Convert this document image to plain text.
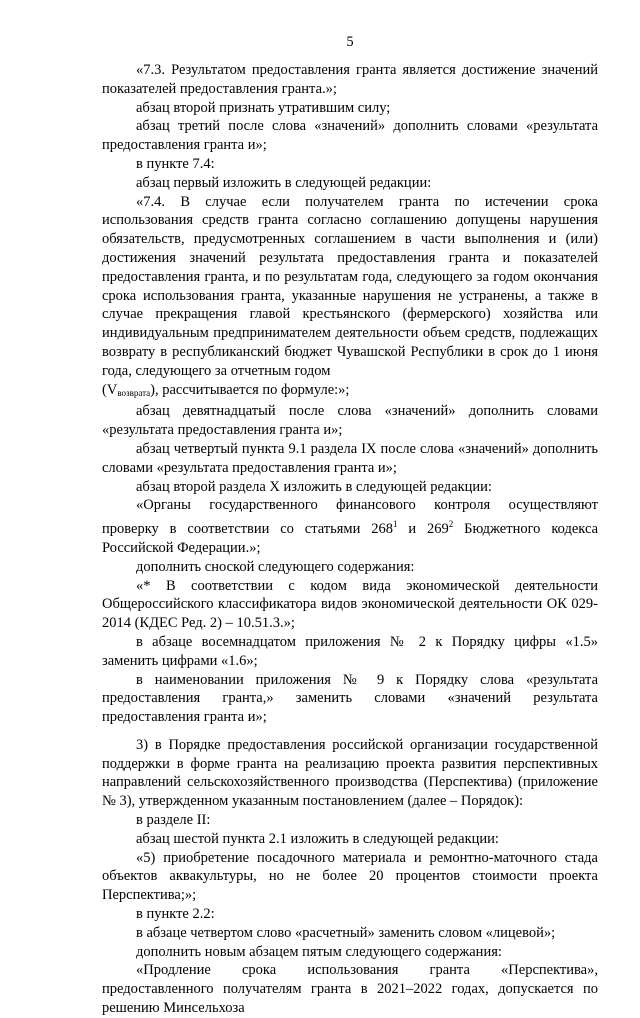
5

«7.3. Результатом предоставления гранта является достижение значений показателей предоставления гранта.»;

абзац второй признать утратившим силу;

абзац третий после слова «значений» дополнить словами «результата предоставления гранта и»;

в пункте 7.4:

абзац первый изложить в следующей редакции:

«7.4. В случае если получателем гранта по истечении срока использования средств гранта согласно соглашению допущены нарушения обязательств, предусмотренных соглашением в части выполнения и (или) достижения значений результата предоставления гранта и показателей предоставления гранта, и по результатам года, следующего за годом окончания срока использования гранта, указанные нарушения не устранены, а также в случае прекращения главой крестьянского (фермерского) хозяйства или индивидуальным предпринимателем деятельности объем средств, подлежащих возврату в республиканский бюджет Чувашской Республики в срок до 1 июня года, следующего за отчетным годом

$(V_{возврата})$, рассчитывается по формуле:»;

абзац девятнадцатый после слова «значений» дополнить словами «результата предоставления гранта и»;

абзац четвертый пункта 9.1 раздела IX после слова «значений» дополнить словами «результата предоставления гранта и»;

абзац второй раздела X изложить в следующей редакции:

«Органы государственного финансового контроля осуществляют проверку в соответствии со статьями $268^1$ и $269^2$ Бюджетного кодекса Российской Федерации.»;

дополнить сноской следующего содержания:

«* В соответствии с кодом вида экономической деятельности Общероссийского классификатора видов экономической деятельности ОК 029-2014 (КДЕС Ред. 2) – 10.51.3.»;

в абзаце восемнадцатом приложения № 2 к Порядку цифры «1.5» заменить цифрами «1.6»;

в наименовании приложения № 9 к Порядку слова «результата предоставления гранта,» заменить словами «значений результата предоставления гранта и»;

3) в Порядке предоставления российской организации государственной поддержки в форме гранта на реализацию проекта развития перспективных направлений сельскохозяйственного производства (Перспектива) (приложение № 3), утвержденном указанным постановлением (далее – Порядок):

в разделе II:

абзац шестой пункта 2.1 изложить в следующей редакции:

«5) приобретение посадочного материала и ремонтно-маточного стада объектов аквакультуры, но не более 20 процентов стоимости проекта Перспектива;»;

в пункте 2.2:

в абзаце четвертом слово «расчетный» заменить словом «лицевой»;

дополнить новым абзацем пятым следующего содержания:

«Продление срока использования гранта «Перспектива», предоставленного получателям гранта в 2021–2022 годах, допускается по решению Минсельхоза
